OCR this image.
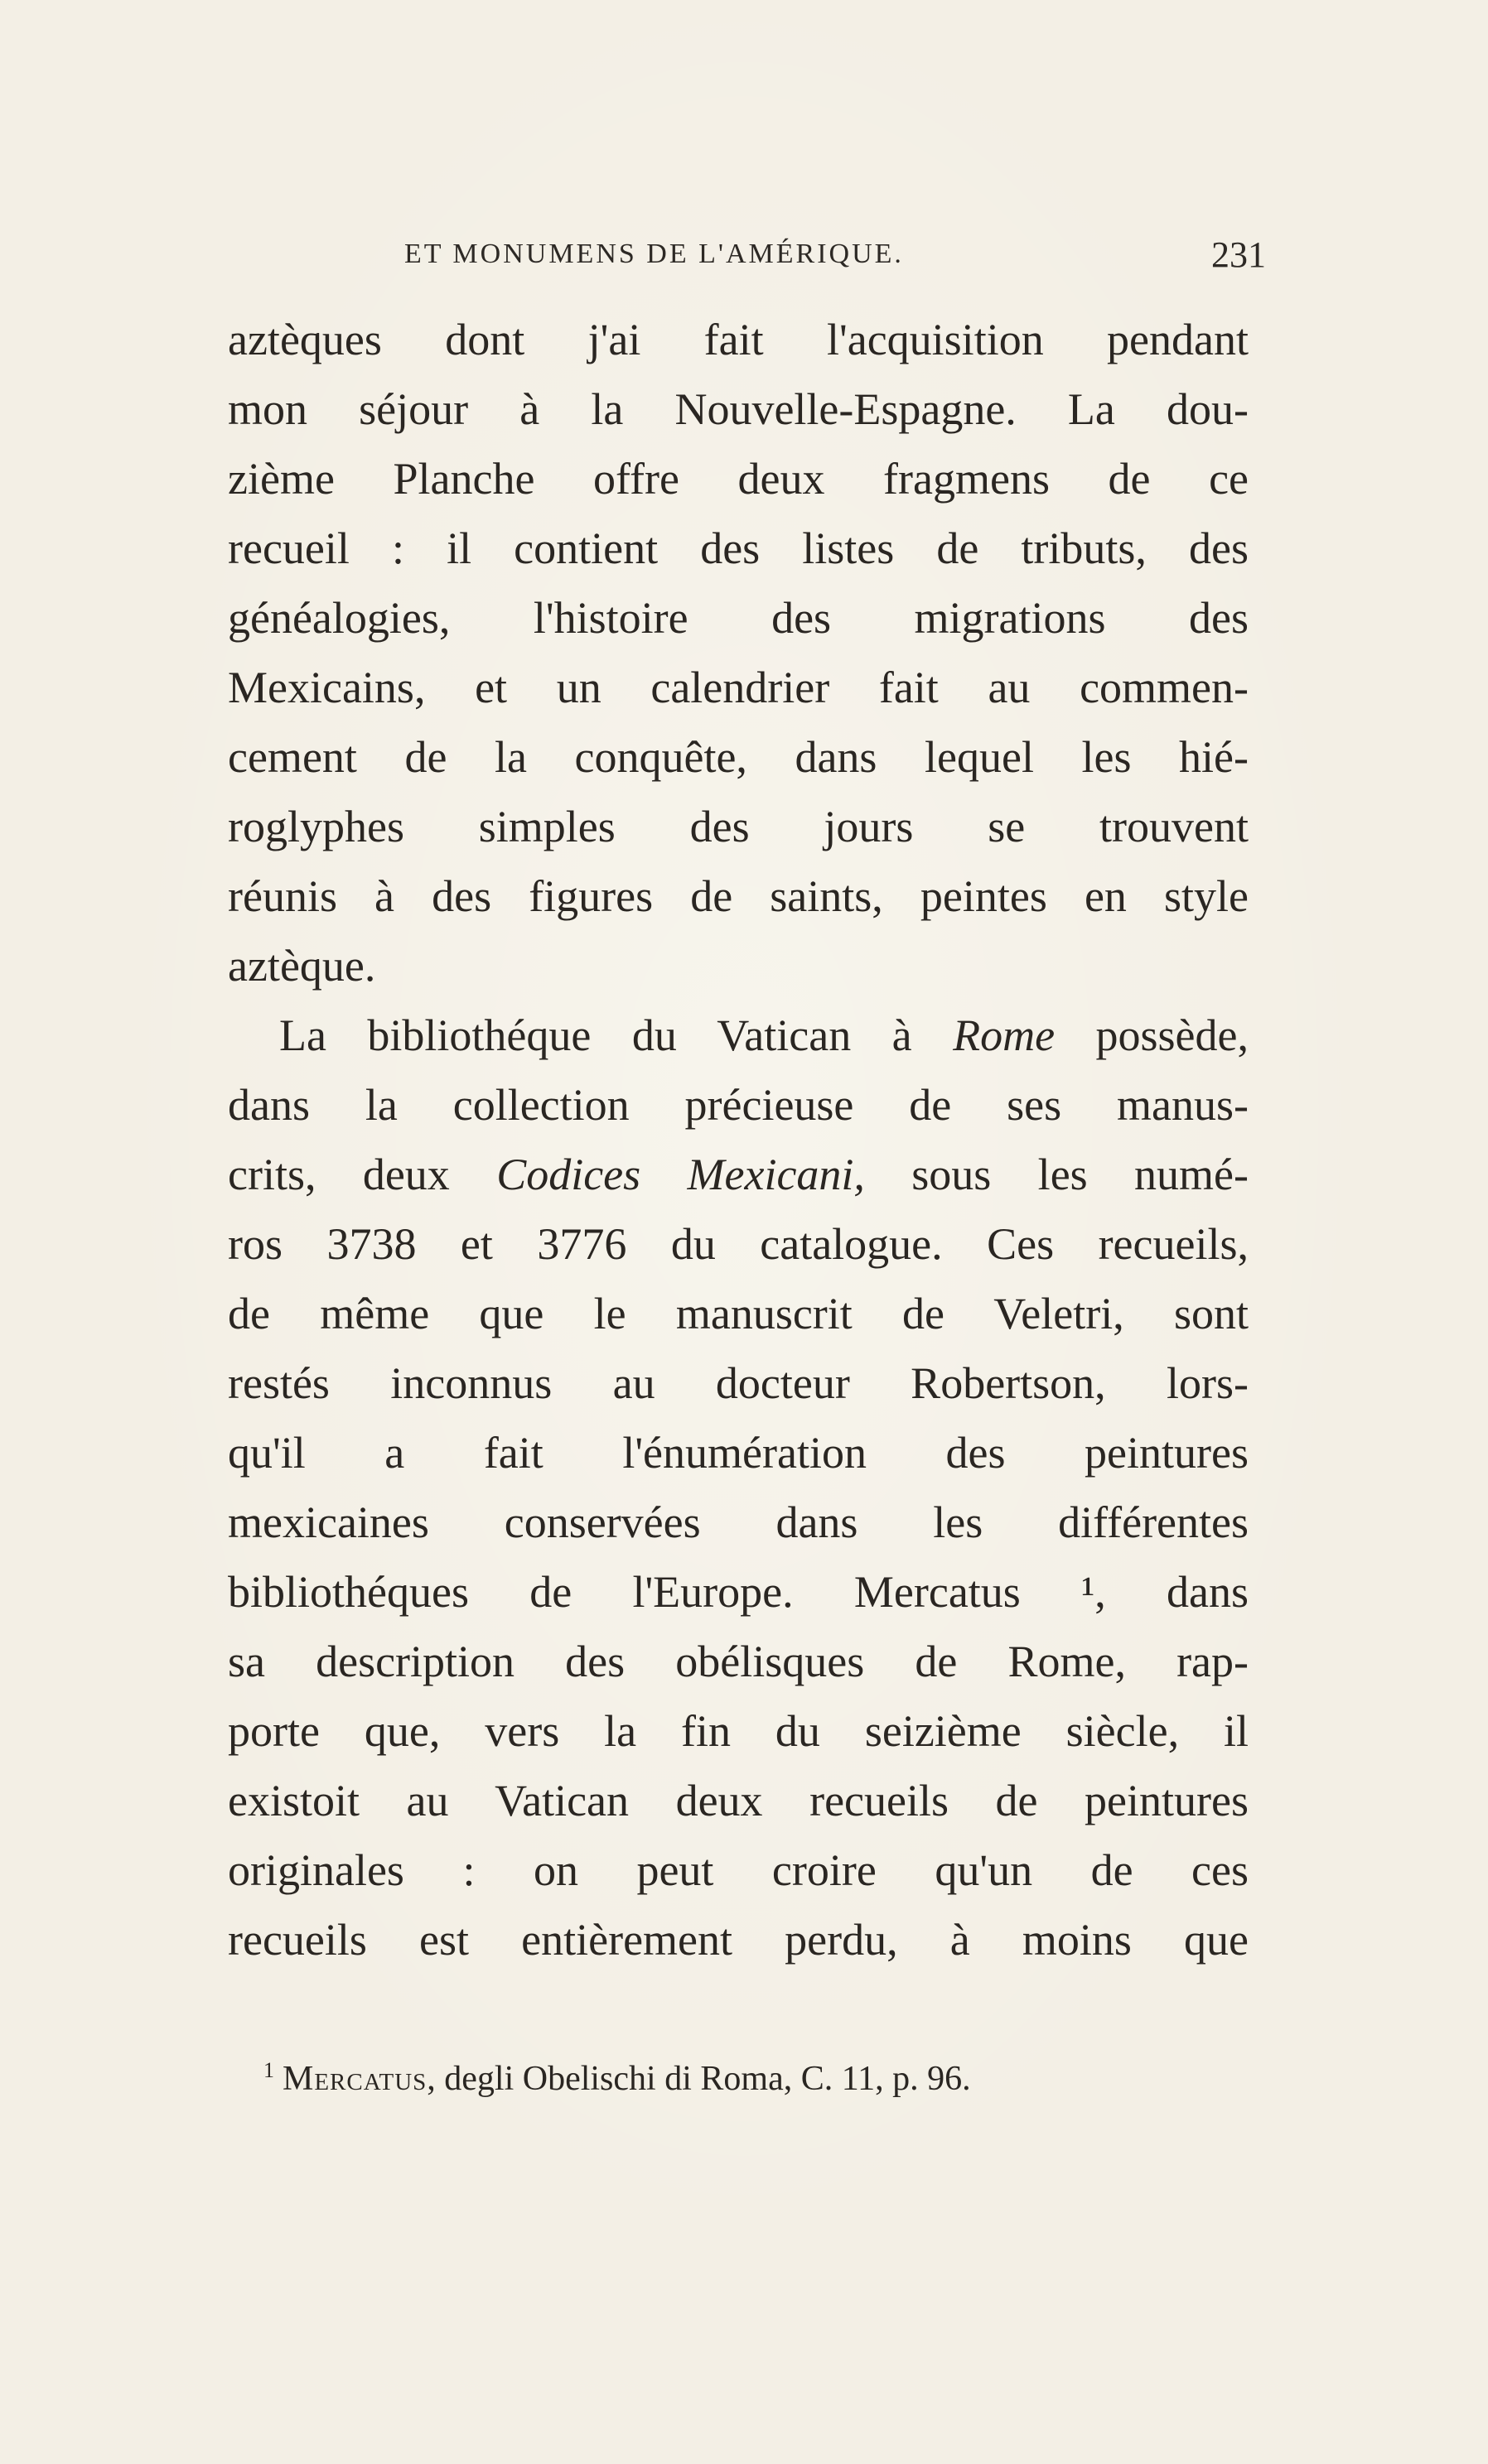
ET MONUMENS DE L'AMÉRIQUE.	231
aztèques dont j'ai fait l'acquisition pendant
mon séjour à la Nouvelle-Espagne. La dou-
zième Planche offre deux fragmens de ce
recueil : il contient des listes de tributs, des
généalogies, l'histoire des migrations des
Mexicains, et un calendrier fait au commen-
cement de la conquête, dans lequel les hié-
roglyphes simples des jours se trouvent
réunis à des figures de saints, peintes en style
aztèque.
La bibliothéque du Vatican à Rome possède,
dans la collection précieuse de ses manus-
crits, deux Codices Mexicani, sous les numé-
ros 3738 et 3776 du catalogue. Ces recueils,
de même que le manuscrit de Veletri, sont
restés inconnus au docteur Robertson, lors-
qu'il a fait l'énumération des peintures
mexicaines conservées dans les différentes
bibliothéques de l'Europe. Mercatus ¹, dans
sa description des obélisques de Rome, rap-
porte que, vers la fin du seizième siècle, il
existoit au Vatican deux recueils de peintures
originales : on peut croire qu'un de ces
recueils est entièrement perdu, à moins que
$^1$ Mercatus, degli Obelischi di Roma, C. 11, p. 96.
